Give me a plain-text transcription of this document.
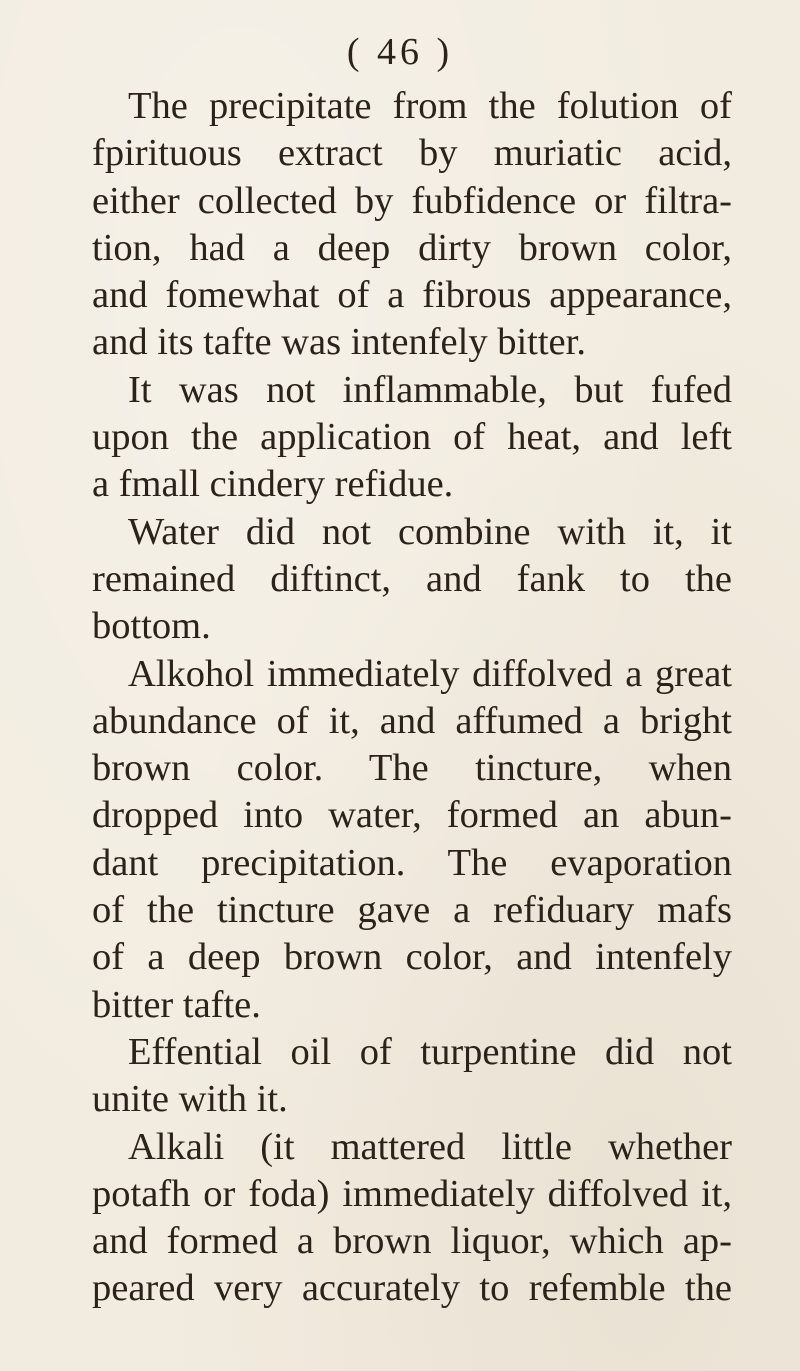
( 46 )
The precipitate from the folution of
fpirituous extract by muriatic acid,
either collected by fubfidence or filtra-
tion, had a deep dirty brown color,
and fomewhat of a fibrous appearance,
and its tafte was intenfely bitter.
It was not inflammable, but fufed
upon the application of heat, and left
a fmall cindery refidue.
Water did not combine with it, it
remained diftinct, and fank to the
bottom.
Alkohol immediately diffolved a great
abundance of it, and affumed a bright
brown color. The tincture, when
dropped into water, formed an abun-
dant precipitation. The evaporation
of the tincture gave a refiduary mafs
of a deep brown color, and intenfely
bitter tafte.
Effential oil of turpentine did not
unite with it.
Alkali (it mattered little whether
potafh or foda) immediately diffolved it,
and formed a brown liquor, which ap-
peared very accurately to refemble the
